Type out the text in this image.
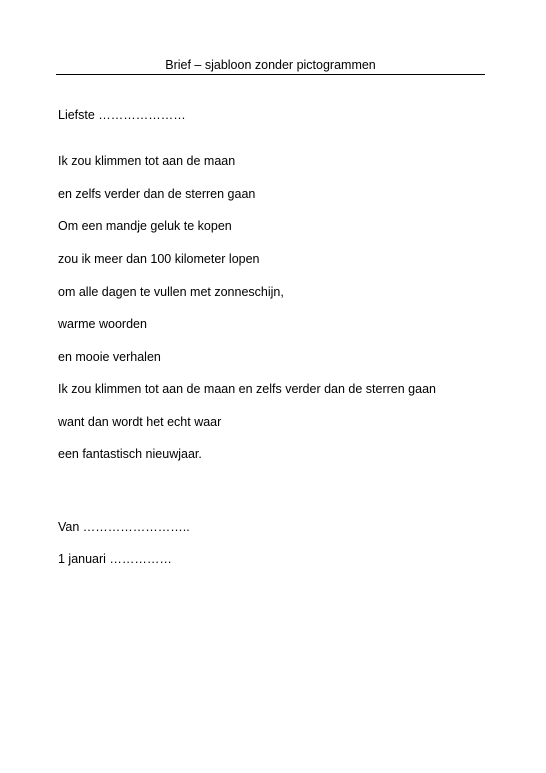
Brief – sjabloon zonder pictogrammen
Liefste …………………
Ik zou klimmen tot aan de maan
en zelfs verder dan de sterren gaan
Om een mandje geluk te kopen
zou ik meer dan 100 kilometer lopen
om alle dagen te vullen met zonneschijn,
warme woorden
en mooie verhalen
Ik zou klimmen tot aan de maan en zelfs verder dan de sterren gaan
want dan wordt het echt waar
een fantastisch nieuwjaar.
Van ……………………..
1 januari ……………
